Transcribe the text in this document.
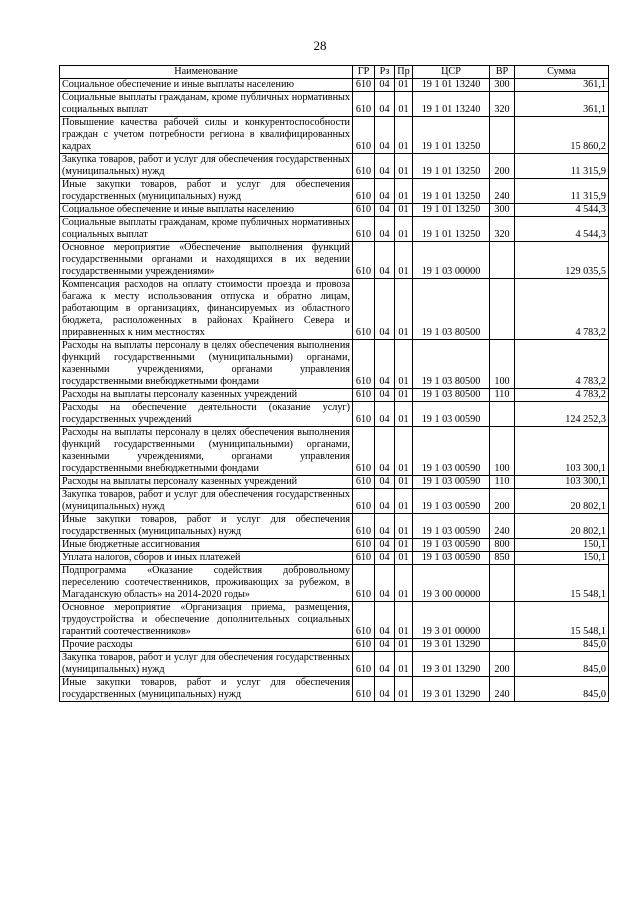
28
Наименование	ГР	Рз	Пр	ЦСР	ВР	Сумма
Социальное обеспечение и иные выплаты населению	610	04	01	19 1 01 13240	300	361,1
Социальные выплаты гражданам, кроме публичных нормативных социальных выплат	610	04	01	19 1 01 13240	320	361,1
Повышение качества рабочей силы и конкурентоспособности граждан с учетом потребности региона в квалифицированных кадрах	610	04	01	19 1 01 13250		15 860,2
Закупка товаров, работ и услуг для обеспечения государственных (муниципальных) нужд	610	04	01	19 1 01 13250	200	11 315,9
Иные закупки товаров, работ и услуг для обеспечения государственных (муниципальных) нужд	610	04	01	19 1 01 13250	240	11 315,9
Социальное обеспечение и иные выплаты населению	610	04	01	19 1 01 13250	300	4 544,3
Социальные выплаты гражданам, кроме публичных нормативных социальных выплат	610	04	01	19 1 01 13250	320	4 544,3
Основное мероприятие «Обеспечение выполнения функций государственными органами и находящихся в их ведении государственными учреждениями»	610	04	01	19 1 03 00000		129 035,5
Компенсация расходов на оплату стоимости проезда и провоза багажа к месту использования отпуска и обратно лицам, работающим в организациях, финансируемых из областного бюджета, расположенных в районах Крайнего Севера и приравненных к ним местностях	610	04	01	19 1 03 80500		4 783,2
Расходы на выплаты персоналу в целях обеспечения выполнения функций государственными (муниципальными) органами, казенными учреждениями, органами управления государственными внебюджетными фондами	610	04	01	19 1 03 80500	100	4 783,2
Расходы на выплаты персоналу казенных учреждений	610	04	01	19 1 03 80500	110	4 783,2
Расходы на обеспечение деятельности (оказание услуг) государственных учреждений	610	04	01	19 1 03 00590		124 252,3
Расходы на выплаты персоналу в целях обеспечения выполнения функций государственными (муниципальными) органами, казенными учреждениями, органами управления государственными внебюджетными фондами	610	04	01	19 1 03 00590	100	103 300,1
Расходы на выплаты персоналу казенных учреждений	610	04	01	19 1 03 00590	110	103 300,1
Закупка товаров, работ и услуг для обеспечения государственных (муниципальных) нужд	610	04	01	19 1 03 00590	200	20 802,1
Иные закупки товаров, работ и услуг для обеспечения государственных (муниципальных) нужд	610	04	01	19 1 03 00590	240	20 802,1
Иные бюджетные ассигнования	610	04	01	19 1 03 00590	800	150,1
Уплата налогов, сборов и иных платежей	610	04	01	19 1 03 00590	850	150,1
Подпрограмма «Оказание содействия добровольному переселению соотечественников, проживающих за рубежом, в Магаданскую область» на 2014-2020 годы»	610	04	01	19 3 00 00000		15 548,1
Основное мероприятие «Организация приема, размещения, трудоустройства и обеспечение дополнительных социальных гарантий соотечественников»	610	04	01	19 3 01 00000		15 548,1
Прочие расходы	610	04	01	19 3 01 13290		845,0
Закупка товаров, работ и услуг для обеспечения государственных (муниципальных) нужд	610	04	01	19 3 01 13290	200	845,0
Иные закупки товаров, работ и услуг для обеспечения государственных (муниципальных) нужд	610	04	01	19 3 01 13290	240	845,0
